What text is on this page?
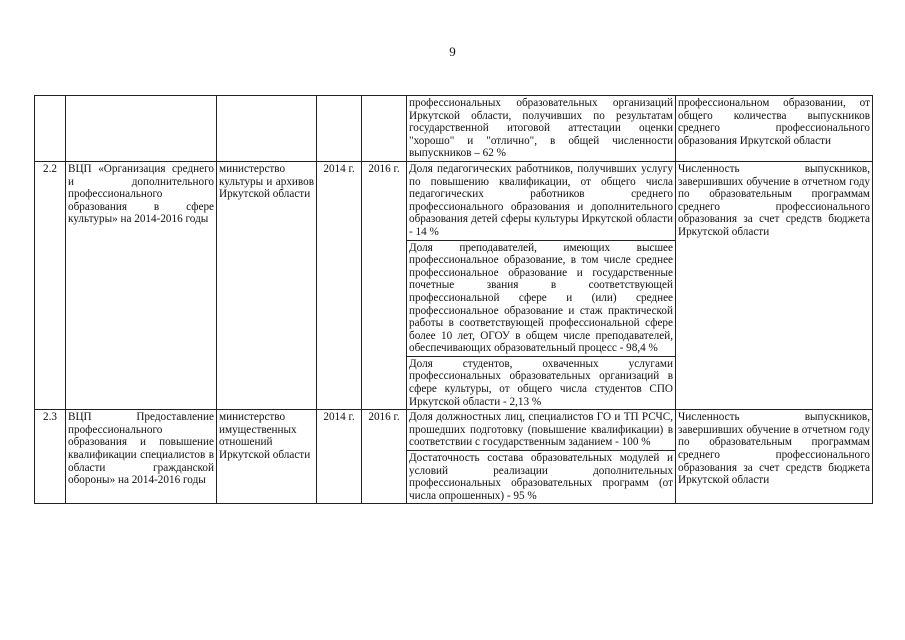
9
					профессиональных образовательных организаций Иркутской области, получивших по результатам государственной итоговой аттестации оценки "хорошо" и "отлично", в общей численности выпускников – 62 %	профессиональном образовании, от общего количества выпускников среднего профессионального образования Иркутской области
2.2	ВЦП «Организация среднего и дополнительного профессионального образования в сфере культуры» на 2014-2016 годы	министерство культуры и архивов Иркутской области	2014 г.	2016 г.	Доля педагогических работников, получивших услугу по повышению квалификации, от общего числа педагогических работников среднего профессионального образования и дополнительного образования детей сферы культуры Иркутской области - 14 %	Численность выпускников, завершивших обучение в отчетном году по образовательным программам среднего профессионального образования за счет средств бюджета Иркутской области
					Доля преподавателей, имеющих высшее профессиональное образование, в том числе среднее профессиональное образование и государственные почетные звания в соответствующей профессиональной сфере и (или) среднее профессиональное образование и стаж практической работы в соответствующей профессиональной сфере более 10 лет, ОГОУ в общем числе преподавателей, обеспечивающих образовательный процесс - 98,4 %	
					Доля студентов, охваченных услугами профессиональных образовательных организаций в сфере культуры, от общего числа студентов СПО Иркутской области - 2,13 %	
2.3	ВЦП Предоставление профессионального образования и повышение квалификации специалистов в области гражданской обороны» на 2014-2016 годы	министерство имущественных отношений Иркутской области	2014 г.	2016 г.	Доля должностных лиц, специалистов ГО и ТП РСЧС, прошедших подготовку (повышение квалификации) в соответствии с государственным заданием - 100 %	Численность выпускников, завершивших обучение в отчетном году по образовательным программам среднего профессионального образования за счет средств бюджета Иркутской области
					Достаточность состава образовательных модулей и условий реализации дополнительных профессиональных образовательных программ (от числа опрошенных) - 95 %	
